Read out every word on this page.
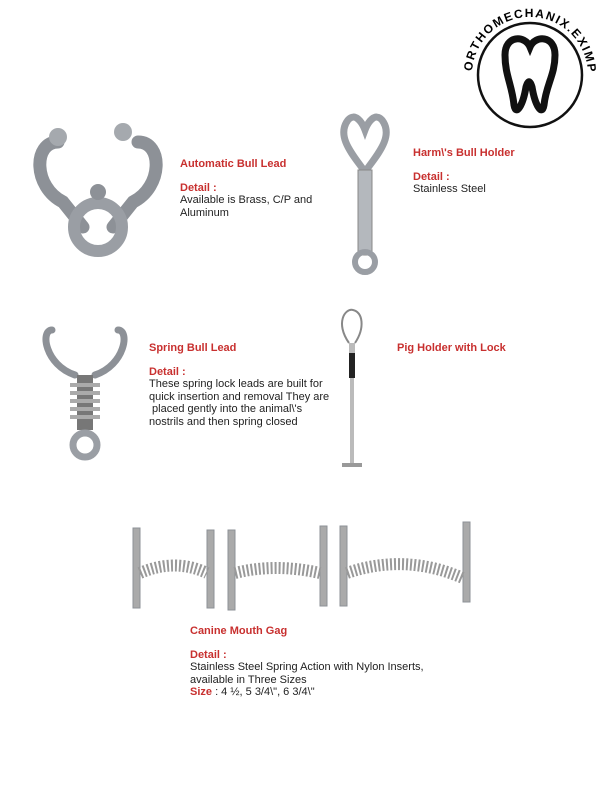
ORTHOMECHANIX.EXIMP
Automatic Bull Lead
Detail :
Available is Brass, C/P and
Aluminum
Harm\'s Bull Holder
Detail :
Stainless Steel
Spring Bull Lead
Detail :
These spring lock leads are built for
quick insertion and removal They are
placed gently into the animal\'s
nostrils and then spring closed
Pig Holder with Lock
Canine Mouth Gag
Detail :
Stainless Steel Spring Action with Nylon Inserts,
available in Three Sizes
Size : 4 ½, 5 3/4\", 6 3/4\"
